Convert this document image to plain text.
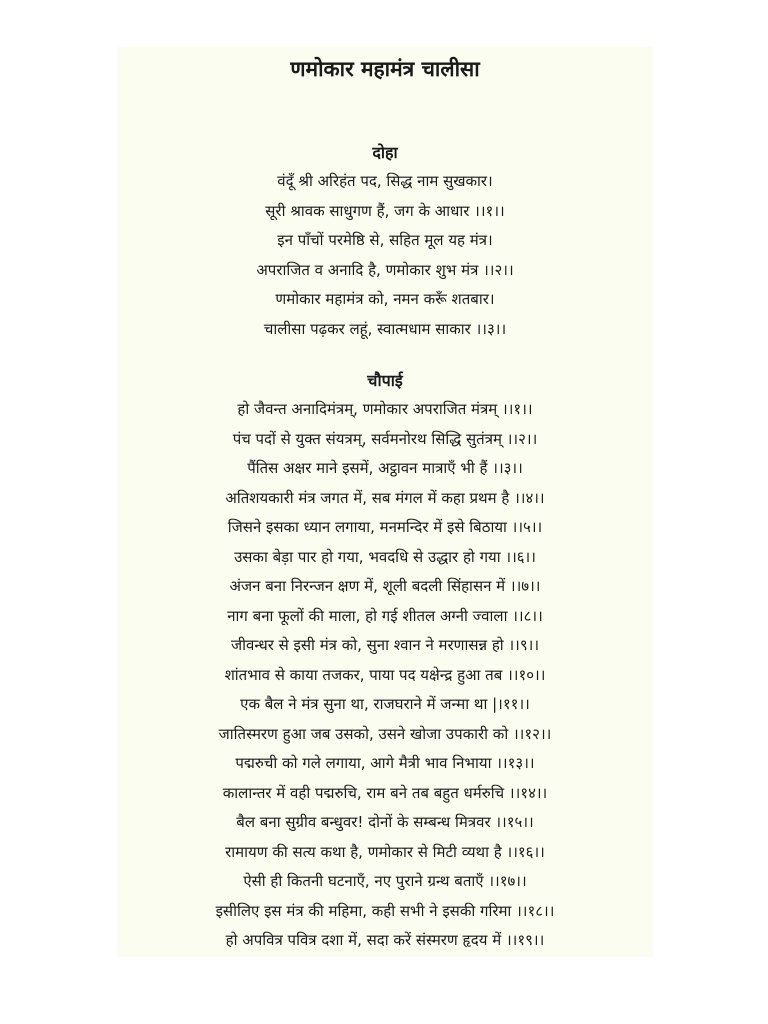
णमोकार महामंत्र चालीसा
दोहा
वंदूँ श्री अरिहंत पद, सिद्ध नाम सुखकार।
सूरी श्रावक साधुगण हैं, जग के आधार ।।१।।
इन पाँचों परमेष्ठि से, सहित मूल यह मंत्र।
अपराजित व अनादि है, णमोकार शुभ मंत्र ।।२।।
णमोकार महामंत्र को, नमन करूँ शतबार।
चालीसा पढ़कर लहूं, स्वात्मधाम साकार ।।३।।
चौपाई
हो जैवन्त अनादिमंत्रम्, णमोकार अपराजित मंत्रम् ।।१।।
पंच पदों से युक्त संयत्रम्, सर्वमनोरथ सिद्धि सुतंत्रम् ।।२।।
पैंतिस अक्षर माने इसमें, अट्ठावन मात्राएँ भी हैं ।।३।।
अतिशयकारी मंत्र जगत में, सब मंगल में कहा प्रथम है ।।४।।
जिसने इसका ध्यान लगाया, मनमन्दिर में इसे बिठाया ।।५।।
उसका बेड़ा पार हो गया, भवदधि से उद्धार हो गया ।।६।।
अंजन बना निरन्जन क्षण में, शूली बदली सिंहासन में ।।७।।
नाग बना फूलों की माला, हो गई शीतल अग्नी ज्वाला ।।८।।
जीवन्धर से इसी मंत्र को, सुना श्वान ने मरणासन्न हो ।।९।।
शांतभाव से काया तजकर, पाया पद यक्षेन्द्र हुआ तब ।।१०।।
एक बैल ने मंत्र सुना था, राजघराने में जन्मा था |।११।।
जातिस्मरण हुआ जब उसको, उसने खोजा उपकारी को ।।१२।।
पद्मरुची को गले लगाया, आगे मैत्री भाव निभाया ।।१३।।
कालान्तर में वही पद्मरुचि, राम बने तब बहुत धर्मरुचि ।।१४।।
बैल बना सुग्रीव बन्धुवर! दोनों के सम्बन्ध मित्रवर ।।१५।।
रामायण की सत्य कथा है, णमोकार से मिटी व्यथा है ।।१६।।
ऐसी ही कितनी घटनाएँ, नए पुराने ग्रन्थ बताएँ ।।१७।।
इसीलिए इस मंत्र की महिमा, कही सभी ने इसकी गरिमा ।।१८।।
हो अपवित्र पवित्र दशा में, सदा करें संस्मरण हृदय में ।।१९।।
